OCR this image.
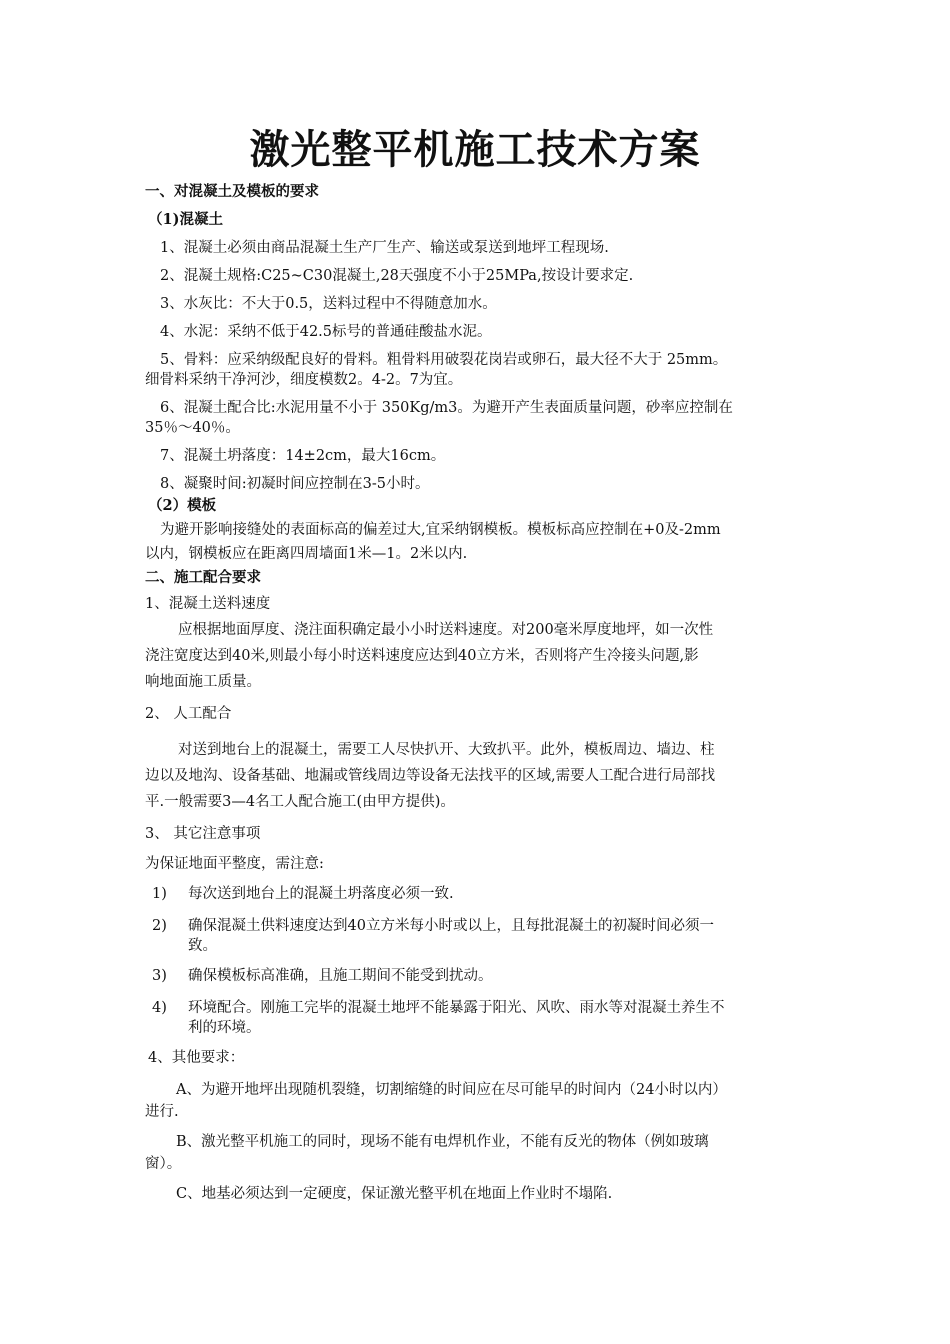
激光整平机施工技术方案
一、对混凝土及模板的要求
（1)混凝土
1、混凝土必须由商品混凝土生产厂生产、输送或泵送到地坪工程现场.
2、混凝土规格:C25~C30混凝土,28天强度不小于25MPa,按设计要求定.
3、水灰比：不大于0.5，送料过程中不得随意加水。
4、水泥：采纳不低于42.5标号的普通硅酸盐水泥。
5、骨料：应采纳级配良好的骨料。粗骨料用破裂花岗岩或卵石，最大径不大于 25mm。
细骨料采纳干净河沙，细度模数2。4-2。7为宜。
6、混凝土配合比:水泥用量不小于 350Kg/m3。为避开产生表面质量问题，砂率应控制在
35％～40％。
7、混凝土坍落度：14±2cm，最大16cm。
8、凝聚时间:初凝时间应控制在3-5小时。
（2）模板
为避开影响接缝处的表面标高的偏差过大,宜采纳钢模板。模板标高应控制在+0及-2mm
以内，钢模板应在距离四周墙面1米—1。2米以内.
二、施工配合要求
1、混凝土送料速度
应根据地面厚度、浇注面积确定最小小时送料速度。对200毫米厚度地坪，如一次性
浇注宽度达到40米,则最小每小时送料速度应达到40立方米，否则将产生冷接头问题,影
响地面施工质量。
2、 人工配合
对送到地台上的混凝土，需要工人尽快扒开、大致扒平。此外，模板周边、墙边、柱
边以及地沟、设备基础、地漏或管线周边等设备无法找平的区域,需要人工配合进行局部找
平.一般需要3—4名工人配合施工(由甲方提供)。
3、 其它注意事项
为保证地面平整度，需注意:
1) 每次送到地台上的混凝土坍落度必须一致.
2) 确保混凝土供料速度达到40立方米每小时或以上，且每批混凝土的初凝时间必须一
致。
3) 确保模板标高准确，且施工期间不能受到扰动。
4) 环境配合。刚施工完毕的混凝土地坪不能暴露于阳光、风吹、雨水等对混凝土养生不
利的环境。
4、其他要求：
A、为避开地坪出现随机裂缝，切割缩缝的时间应在尽可能早的时间内（24小时以内）
进行.
B、激光整平机施工的同时，现场不能有电焊机作业，不能有反光的物体（例如玻璃
窗）。
C、地基必须达到一定硬度，保证激光整平机在地面上作业时不塌陷.
